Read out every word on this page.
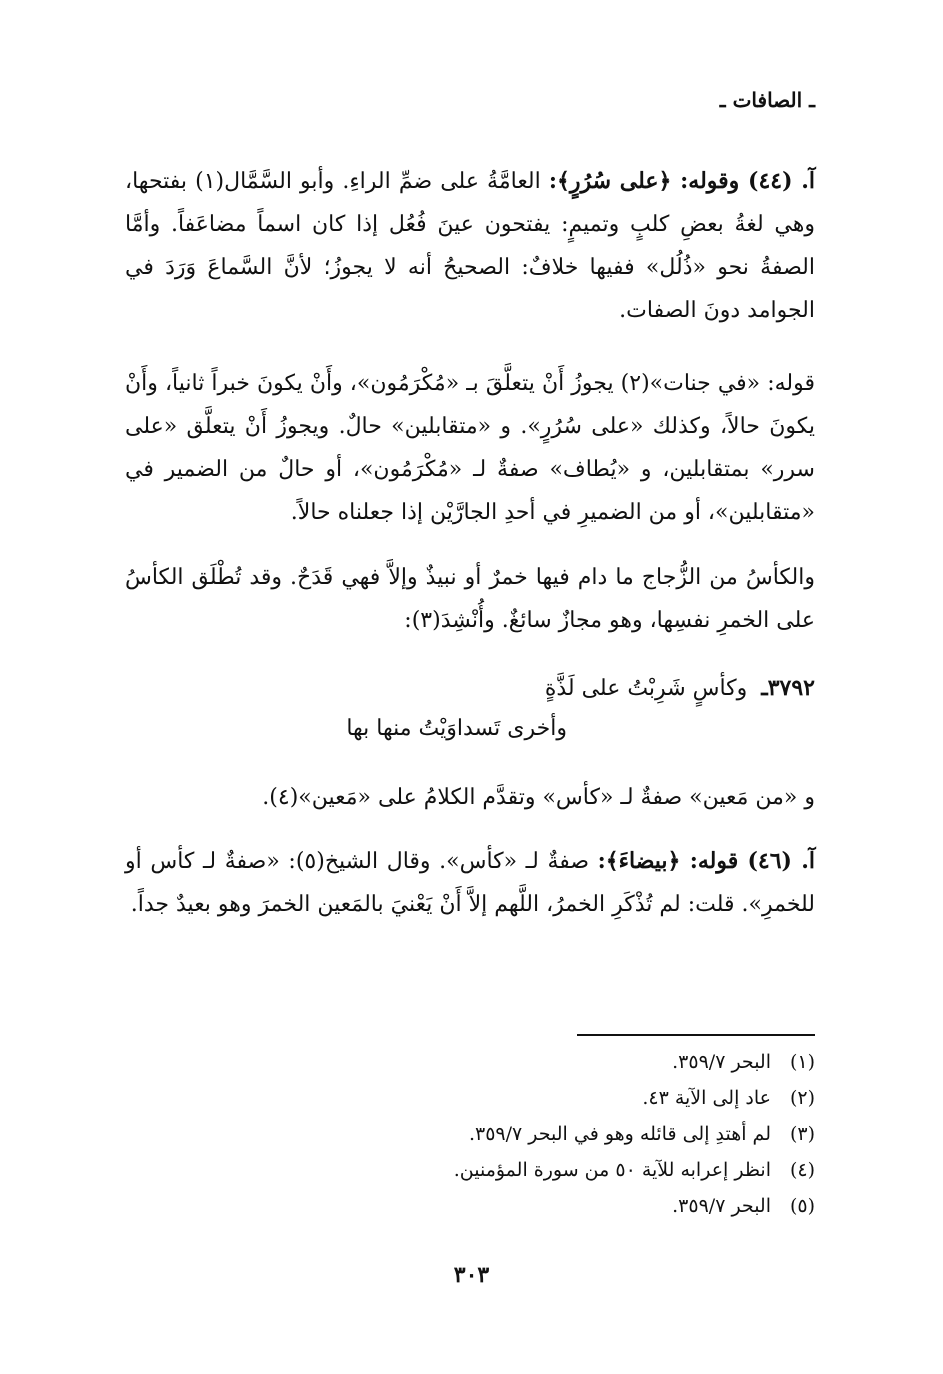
ـ الصافات ـ

آ. (٤٤) وقوله: ﴿على سُرُرٍ﴾: العامَّةُ على ضمِّ الراءِ. وأبو السَّمَّال(١) بفتحها، وهي لغةُ بعضِ كلبٍ وتميمٍ: يفتحون عينَ فُعُل إذا كان اسماً مضاعَفاً. وأمَّا الصفةُ نحو «ذُلُل» ففيها خلافٌ: الصحيحُ أنه لا يجوزُ؛ لأنَّ السَّماعَ وَرَدَ في الجوامد دونَ الصفات.

قوله: «في جنات»(٢) يجوزُ أَنْ يتعلَّقَ بـ «مُكْرَمُون»، وأَنْ يكونَ خبراً ثانياً، وأَنْ يكونَ حالاً، وكذلك «على سُرُرٍ». و «متقابلين» حالٌ. ويجوزُ أَنْ يتعلَّق «على سرر» بمتقابلين، و «يُطاف» صفةٌ لـ «مُكْرَمُون»، أو حالٌ من الضمير في «متقابلين»، أو من الضميرِ في أحدِ الجارَّيْن إذا جعلناه حالاً.

والكأسُ من الزُّجاج ما دام فيها خمرٌ أو نبيذٌ وإلاَّ فهي قَدَحٌ. وقد تُطْلَق الكأسُ على الخمرِ نفسِها، وهو مجازٌ سائغٌ. وأُنْشِدَ(٣):

٣٧٩٢ـ
وكأسٍ شَرِبْتُ على لَذَّةٍ
وأخرى تَسداوَيْتُ منها بها

و «من مَعين» صفةٌ لـ «كأس» وتقدَّم الكلامُ على «مَعين»(٤).

آ. (٤٦) قوله: ﴿بيضاءَ﴾: صفةٌ لـ «كأس». وقال الشيخ(٥): «صفةٌ لـ كأس أو للخمرِ». قلت: لم تُذْكَرِ الخمرُ، اللَّهم إلاَّ أَنْ يَعْنيَ بالمَعين الخمرَ وهو بعيدٌ جداً.

(١)البحر ٣٥٩/٧.
(٢)عاد إلى الآية ٤٣.
(٣)لم أهتدِ إلى قائله وهو في البحر ٣٥٩/٧.
(٤)انظر إعرابه للآية ٥٠ من سورة المؤمنين.
(٥)البحر ٣٥٩/٧.
٣٠٣
